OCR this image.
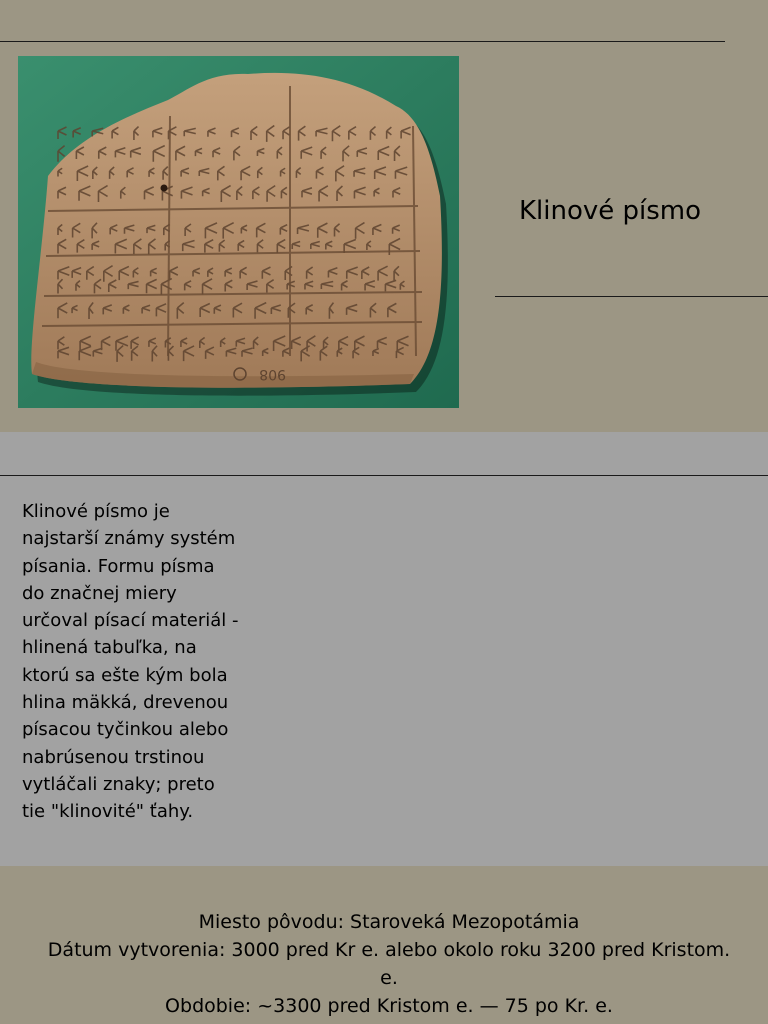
908
Klinové písmo
Klinové písmo je
najstarší známy systém
písania. Formu písma
do značnej miery
určoval písací materiál -
hlinená tabuľka, na
ktorú sa ešte kým bola
hlina mäkká, drevenou
písacou tyčinkou alebo
nabrúsenou trstinou
vytláčali znaky; preto
tie "klinovité" ťahy.
Miesto pôvodu: Staroveká Mezopotámia
Dátum vytvorenia: 3000 pred Kr e. alebo okolo roku 3200 pred Kristom. e.
Obdobie: ~3300 pred Kristom e. — 75 po Kr. e.
